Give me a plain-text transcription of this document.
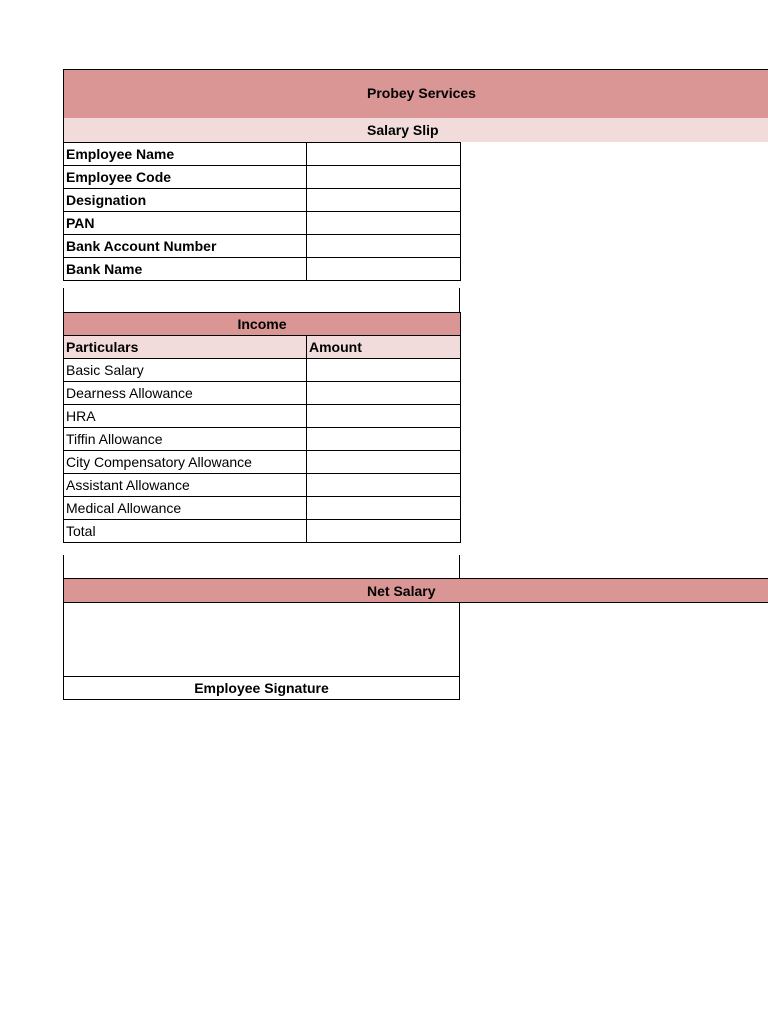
Probey Services
Salary Slip
Employee Name	
Employee Code	
Designation	
PAN	
Bank Account Number	
Bank Name	
Income	
Particulars	Amount
Basic Salary	
Dearness Allowance	
HRA	
Tiffin Allowance	
City Compensatory Allowance	
Assistant Allowance	
Medical Allowance	
Total	
Net Salary
Employee Signature
